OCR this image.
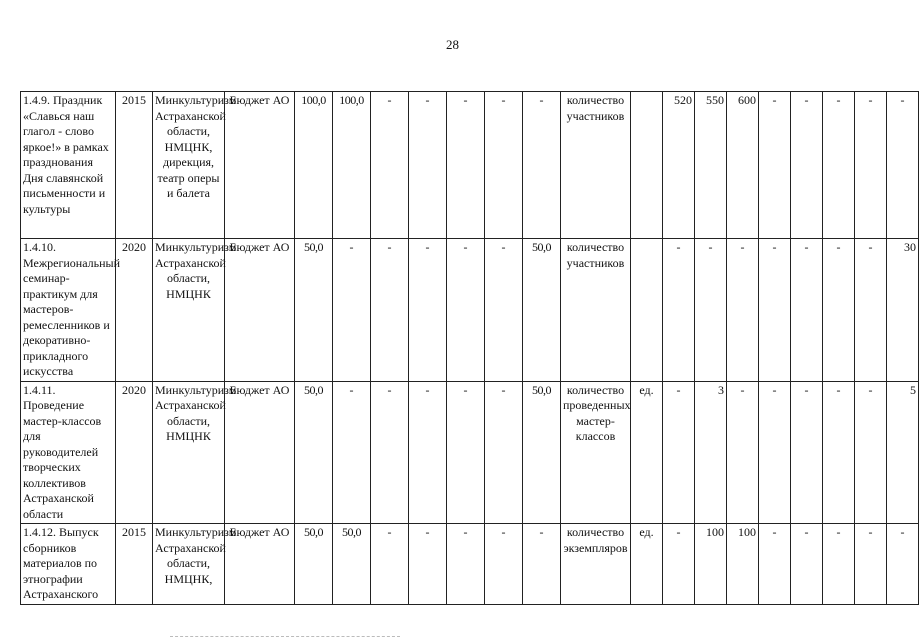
28
1.4.9. Праздник «Славься наш глагол - слово яркое!» в рамках празднования Дня славянской письменности и культуры	2015	Минкультуризм Астраханской области, НМЦНК, дирекция, театр оперы и балета	Бюджет АО	100,0	100,0	-	-	-	-	-	количество участников		520	550	600	-	-	-	-	-
1.4.10. Межрегиональный семинар-практикум для мастеров-ремесленников и декоративно-прикладного искусства	2020	Минкультуризм Астраханской области, НМЦНК	Бюджет АО	50,0	-	-	-	-	-	50,0	количество участников		-	-	-	-	-	-	-	30
1.4.11. Проведение мастер-классов для руководителей творческих коллективов Астраханской области	2020	Минкультуризм Астраханской области, НМЦНК	Бюджет АО	50,0	-	-	-	-	-	50,0	количество проведенных мастер-классов	ед.	-	3	-	-	-	-	-	5
1.4.12. Выпуск сборников материалов по этнографии Астраханского	2015	Минкультуризм Астраханской области, НМЦНК,	Бюджет АО	50,0	50,0	-	-	-	-	-	количество экземпляров	ед.	-	100	100	-	-	-	-	-
